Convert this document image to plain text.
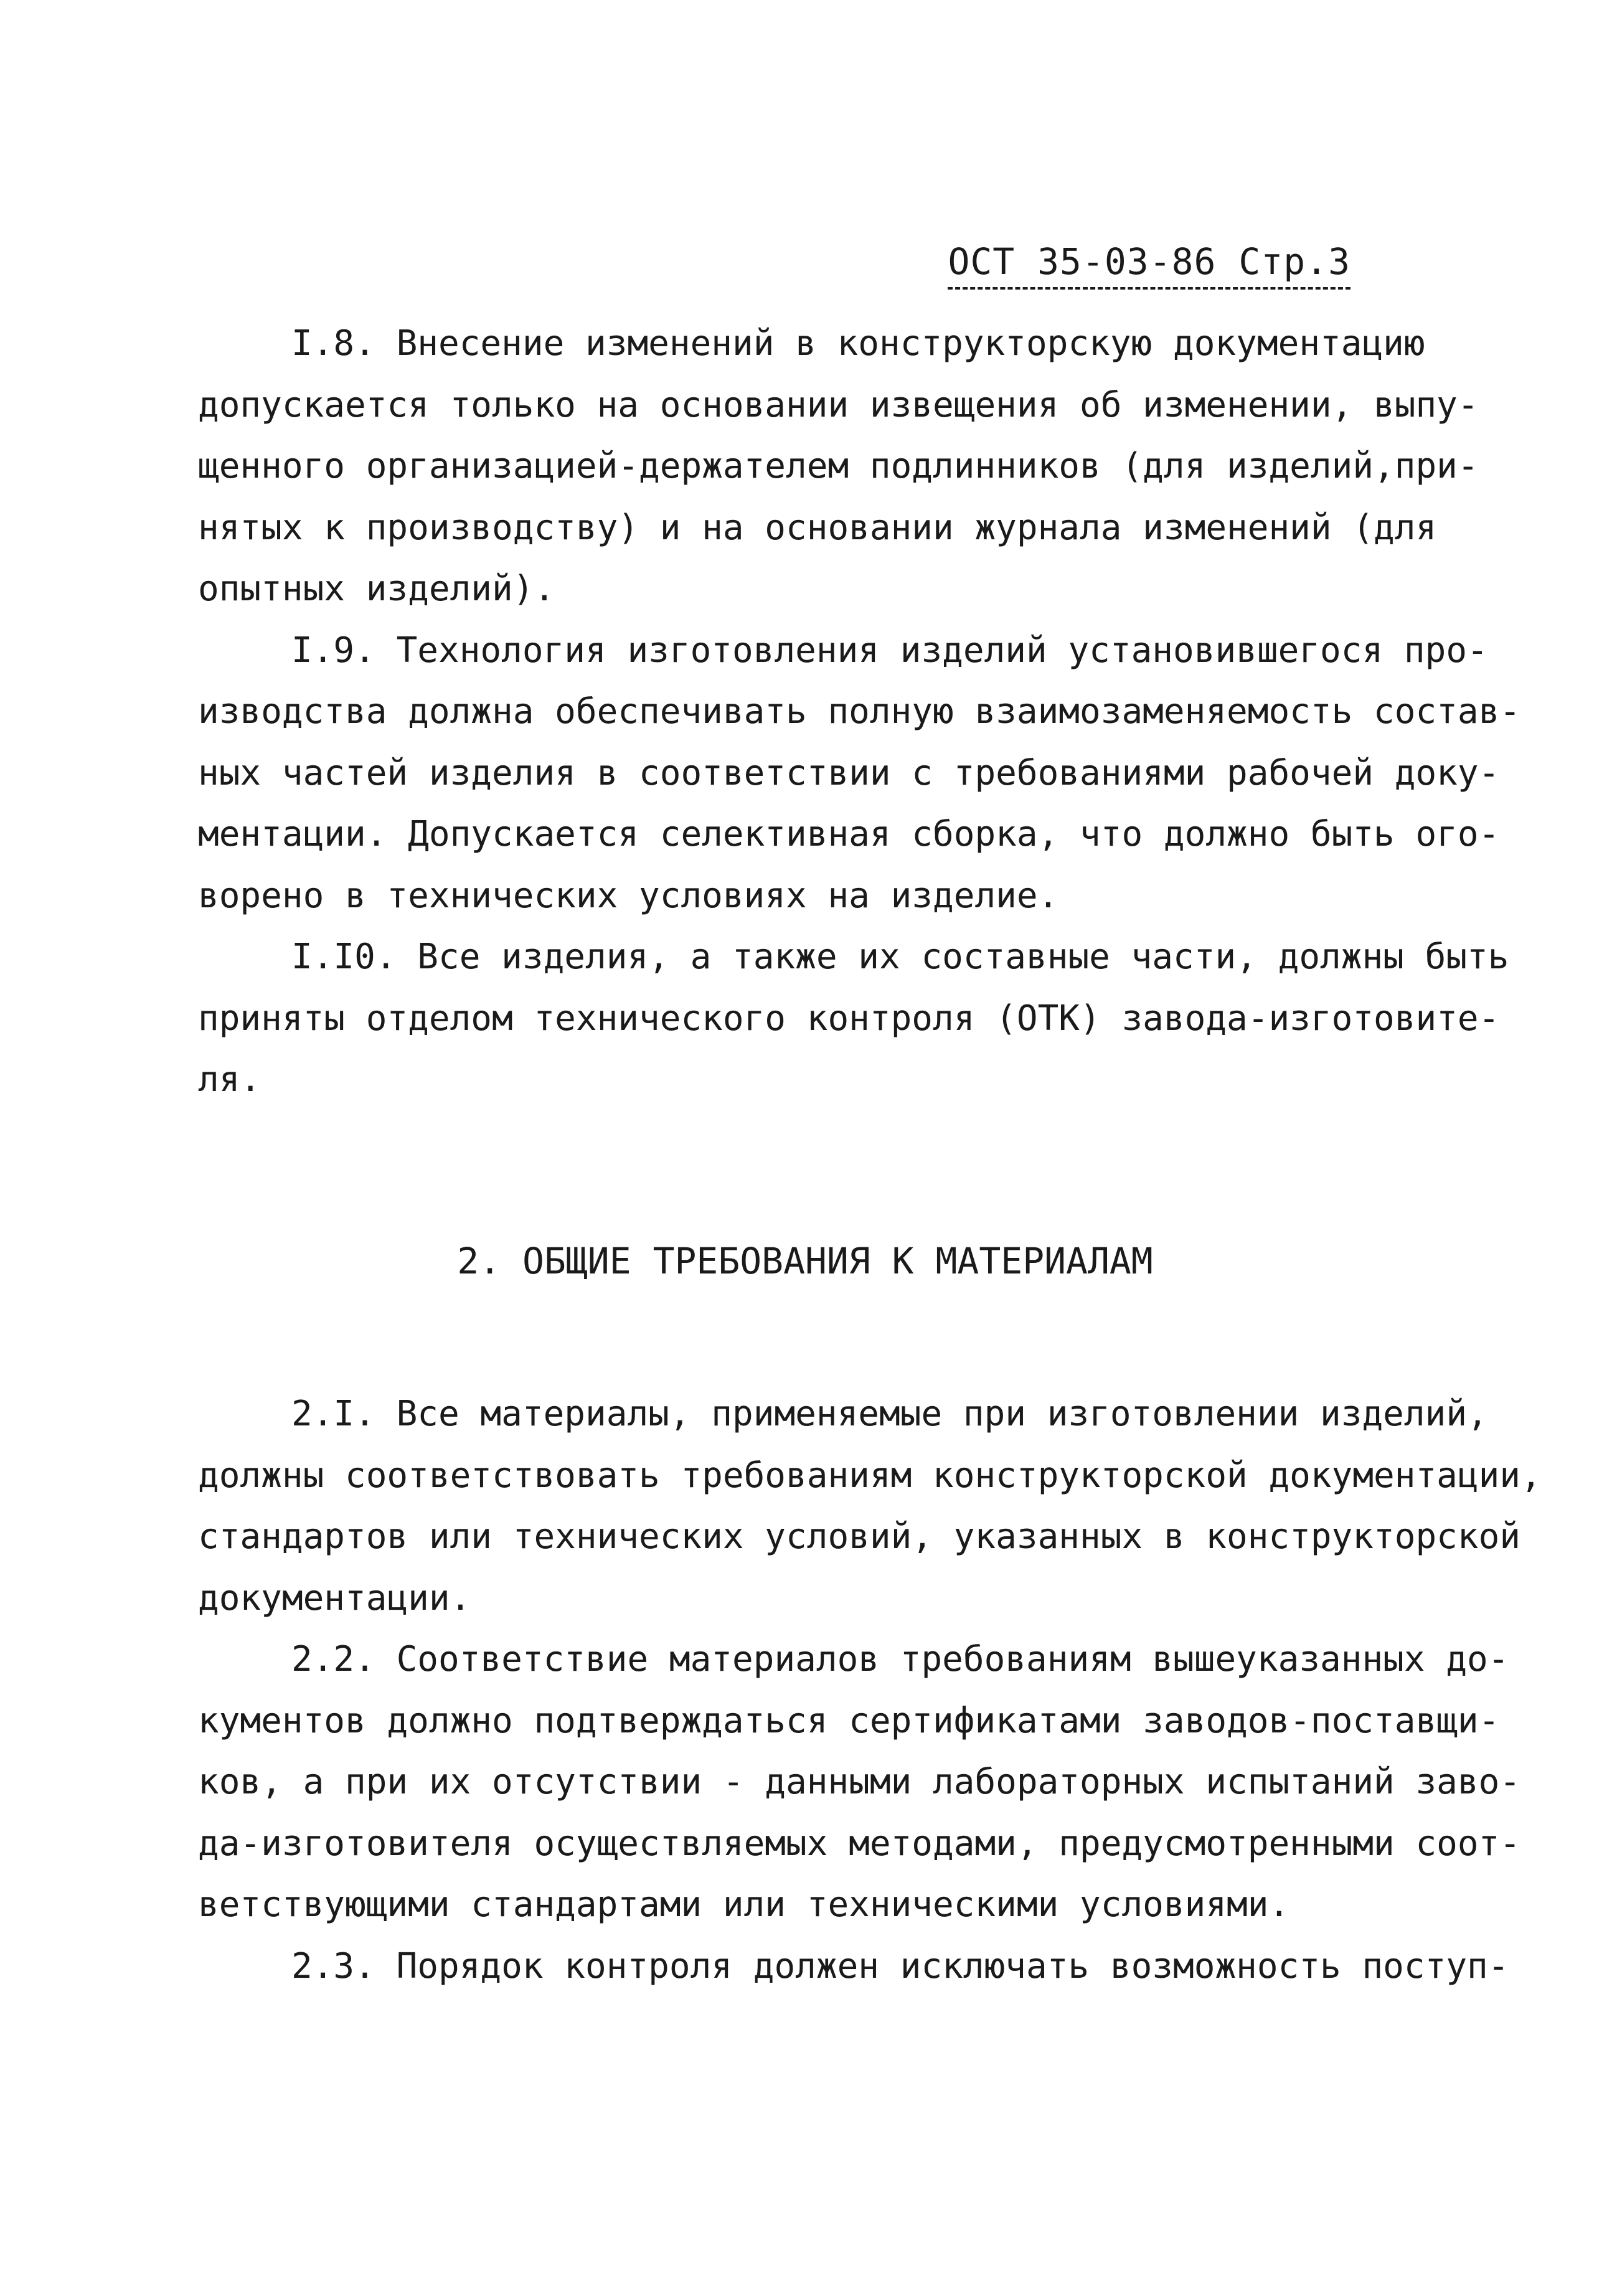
ОСТ 35-03-86 Стр.3
I.8. Внесение изменений в конструкторскую документацию
допускается только на основании извещения об изменении, выпу-
щенного организацией-держателем подлинников (для изделий,при-
нятых к производству) и на основании журнала изменений (для
опытных изделий).
I.9. Технология изготовления изделий установившегося про-
изводства должна обеспечивать полную взаимозаменяемость состав-
ных частей изделия в соответствии с требованиями рабочей доку-
ментации. Допускается селективная сборка, что должно быть ого-
ворено в технических условиях на изделие.
I.I0. Все изделия, а также их составные части, должны быть
приняты отделом технического контроля (ОТК) завода-изготовите-
ля.
2. ОБЩИЕ ТРЕБОВАНИЯ К МАТЕРИАЛАМ
2.I. Все материалы, применяемые при изготовлении изделий,
должны соответствовать требованиям конструкторской документации,
стандартов или технических условий, указанных в конструкторской
документации.
2.2. Соответствие материалов требованиям вышеуказанных до-
кументов должно подтверждаться сертификатами заводов-поставщи-
ков, а при их отсутствии - данными лабораторных испытаний заво-
да-изготовителя осуществляемых методами, предусмотренными соот-
ветствующими стандартами или техническими условиями.
2.3. Порядок контроля должен исключать возможность поступ-
